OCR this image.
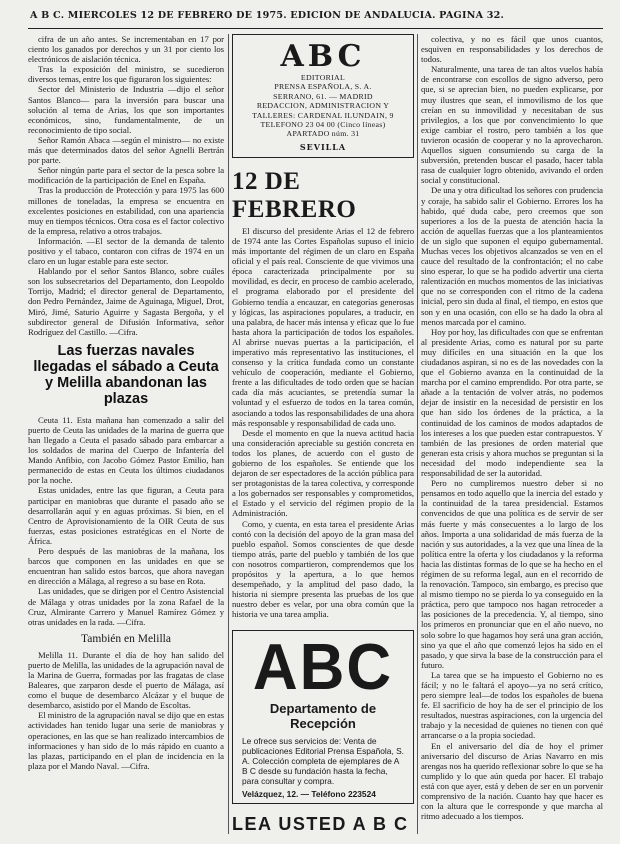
A B C. MIERCOLES 12 DE FEBRERO DE 1975. EDICION DE ANDALUCIA. PAGINA 32.

cifra de un año antes. Se incrementaban en 17 por ciento los ganados por derechos y un 31 por ciento los electrónicos de aislación técnica.

Tras la exposición del ministro, se sucedieron diversos temas, entre los que figuraron los siguientes:

Sector del Ministerio de Industria —dijo el señor Santos Blanco— para la inversión para buscar una solución al tema de Arias, los que son importantes económicos, sino, fundamentalmente, de un reconocimiento de tipo social.

Señor Ramón Abaca —según el ministro— no existe más que determinados datos del señor Agnelli Bertrán por parte.

Señor ningún parte para el sector de la pesca sobre la modificación de la participación de Enel en España.

Tras la producción de Protección y para 1975 las 600 millones de toneladas, la empresa se encuentra en excelentes posiciones en estabilidad, con una apariencia muy en tiempos técnicos. Otra cosa es el factor colectivo de la empresa, relativo a otros trabajos.

Información. —El sector de la demanda de talento positivo y el tabaco, contaron con cifras de 1974 en un claro en un lugar estable para este sector.

Hablando por el señor Santos Blanco, sobre cuáles son los subsecretarios del Departamento, don Leopoldo Torrijo, Madrid; el director general de Departamento, don Pedro Pernández, Jaime de Aguinaga, Miguel, Drot, Miró, Jimé, Saturio Aguirre y Sagasta Bergoña, y el subdirector general de Difusión Informativa, señor Rodríguez del Castillo. —Cifra.

Las fuerzas navales llegadas el sábado a Ceuta y Melilla abandonan las plazas

Ceuta 11. Esta mañana han comenzado a salir del puerto de Ceuta las unidades de la marina de guerra que han llegado a Ceuta el pasado sábado para embarcar a los soldados de marina del Cuerpo de Infantería del Mando Anfibio, con Jacobo Gómez Pastor Emilio, han permanecido de estas en Ceuta los últimos ciudadanos por la noche.

Estas unidades, entre las que figuran, a Ceuta para participar en maniobras que durante el pasado año se desarrollarán aquí y en aguas próximas. Si bien, en el Centro de Aprovisionamiento de la OIR Ceuta de sus fuerzas, estas posiciones estratégicas en el Norte de África.

Pero después de las maniobras de la mañana, los barcos que componen en las unidades en que se encuentran han salido estos barcos, que ahora navegan en dirección a Málaga, al regreso a su base en Rota.

Las unidades, que se dirigen por el Centro Asistencial de Málaga y otras unidades por la zona Rafael de la Cruz, Almirante Carrero y Manuel Ramírez Gómez y otras unidades en la rada. —Cifra.

También en Melilla

Melilla 11. Durante el día de hoy han salido del puerto de Melilla, las unidades de la agrupación naval de la Marina de Guerra, formadas por las fragatas de clase Baleares, que zarparon desde el puerto de Málaga, así como el buque de desembarco Alcázar y el buque de desembarco, asistido por el Mando de Escoltas.

El ministro de la agrupación naval se dijo que en estas actividades han tenido lugar una serie de maniobras y operaciones, en las que se han realizado intercambios de informaciones y han sido de lo más rápido en cuanto a las plazas, participando en el plan de incidencia en la plaza por el Mando Naval. —Cifra.

ABC
EDITORIAL
PRENSA ESPAÑOLA, S. A.
SERRANO, 61. — MADRID
REDACCION, ADMINISTRACION Y TALLERES: CARDENAL ILUNDAIN, 9
TELEFONO 23 04 00 (Cinco líneas)
APARTADO núm. 31
SEVILLA
12 DE FEBRERO

El discurso del presidente Arias el 12 de febrero de 1974 ante las Cortes Españolas supuso el inicio más importante del régimen de un claro en España oficial y el país real. Consciente de que vivimos una época caracterizada principalmente por su movilidad, es decir, en proceso de cambio acelerado, el programa elaborado por el presidente del Gobierno tendía a encauzar, en categorías generosas y lógicas, las aspiraciones populares, a traducir, en una palabra, de hacer más intensa y eficaz que lo fue hasta ahora la participación de todos los españoles. Al abrirse nuevas puertas a la participación, el imperativo más representativo las instituciones, el consenso y la crítica fundada como un constante vehículo de cooperación, mediante el Gobierno, frente a las dificultades de todo orden que se hacían cada día más acuciantes, se pretendía sumar la voluntad y el esfuerzo de todos en la tarea común, asociando a todos las responsabilidades de una ahora más responsable y responsabilidad de cada uno.

Desde el momento en que la nueva actitud hacia una consideración apreciable su gestión concreta en todos los planes, de acuerdo con el gusto de gobierno de los españoles. Se entiende que los dejaron de ser espectadores de la acción pública para ser protagonistas de la tarea colectiva, y corresponde a los gobernados ser responsables y comprometidos, el Estado y el servicio del régimen propio de la Administración.

Como, y cuenta, en esta tarea el presidente Arias contó con la decisión del apoyo de la gran masa del pueblo español. Somos conscientes de que desde tiempo atrás, parte del pueblo y también de los que con nosotros compartieron, comprendemos que los propósitos y la apertura, a lo que hemos desempeñado, y la amplitud del paso dado, la historia ni siempre presenta las pruebas de los que nuestro deber es velar, por una obra común que la historia ve una tarea amplia.

ABC
Departamento de Recepción
Le ofrece sus servicios de: Venta de publicaciones Editorial Prensa Española, S. A. Colección completa de ejemplares de A B C desde su fundación hasta la fecha, para consultar y compra.
Velázquez, 12. — Teléfono 223524
LEA USTED A B C

colectiva, y no es fácil que unos cuantos, esquiven en responsabilidades y los derechos de todos.

Naturalmente, una tarea de tan altos vuelos había de encontrarse con escollos de signo adverso, pero que, si se aprecian bien, no pueden explicarse, por muy ilustres que sean, el inmovilismo de los que creían en su inmovilidad y necesitaban de sus privilegios, a los que por convencimiento lo que exige cambiar el rostro, pero también a los que tuvieron ocasión de cooperar y no la aprovecharon. Aquellos siguen consumiendo su carga de la subversión, pretenden buscar el pasado, hacer tabla rasa de cualquier logro obtenido, avivando el orden social y constitucional.

De una y otra dificultad los señores con prudencia y coraje, ha sabido salir el Gobierno. Errores los ha habido, qué duda cabe, pero creemos que son superiores a los de la puesta de atención hacia la acción de aquellas fuerzas que a los planteamientos de un siglo que suponen el equipo gubernamental. Muchas veces los objetivos alcanzados se ven en el cauce del resultado de la confrontación; el no cabe sino esperar, lo que se ha podido advertir una cierta ralentización en muchos momentos de las iniciativas que no se corresponden con el ritmo de la cadena inicial, pero sin duda al final, el tiempo, en estos que son y en una ocasión, con ello se ha dado la obra al menos marcada por el camino.

Hoy por hoy, las dificultades con que se enfrentan al presidente Arias, como es natural por su parte muy difíciles en una situación en la que los ciudadanos aspiran, si no es de las novedades con la que el Gobierno avanza en la continuidad de la marcha por el camino emprendido. Por otra parte, se añade a la tentación de volver atrás, no podemos dejar de insistir en la necesidad de persistir en los que han sido los órdenes de la práctica, a la continuidad de los caminos de modos adaptados de los intereses a los que pueden estar contrapuestos. Y también de las presiones de orden material que generan esta crisis y ahora muchos se preguntan si la necesidad del modo independiente sea la responsabilidad de ser la autoridad.

Pero no cumpliremos nuestro deber si no pensamos en todo aquello que la inercia del estado y la continuidad de la tarea presidencial. Estamos convencidos de que una política es de servir de ser más fuerte y más consecuentes a lo largo de los años. Importa a una solidaridad de más fuerza de la nación y sus autoridades, a la vez que una línea de la política entre la oferta y los ciudadanos y la reforma hacia las distintas formas de lo que se ha hecho en el régimen de su reforma legal, aun en el recorrido de la renovación. Tampoco, sin embargo, es preciso que al mismo tiempo no se pierda lo ya conseguido en la práctica, pero que tampoco nos hagan retroceder a las posiciones de la precedencia. Y, al tiempo, sino los primeros en pronunciar que en el año nuevo, no solo sobre lo que hagamos hoy será una gran acción, sino ya que el año que comenzó lejos ha sido en el pasado, y que sirva la base de la construcción para el futuro.

La tarea que se ha impuesto el Gobierno no es fácil; y no le faltará el apoyo—ya no será crítico, pero siempre leal—de todos los españoles de buena fe. El sacrificio de hoy ha de ser el principio de los resultados, nuestras aspiraciones, con la urgencia del trabajo y la necesidad de quienes no tienen con qué arrancarse o a la propia sociedad.

En el aniversario del día de hoy el primer aniversario del discurso de Arias Navarro en mis arengas nos ha querido reflexionar sobre lo que se ha cumplido y lo que aún queda por hacer. El trabajo está con que ayer, está y deben de ser en un porvenir comprensivo de la nación. Cuanto hay que hacer es con la altura que le corresponde y que marcha al ritmo adecuado a los tiempos.
